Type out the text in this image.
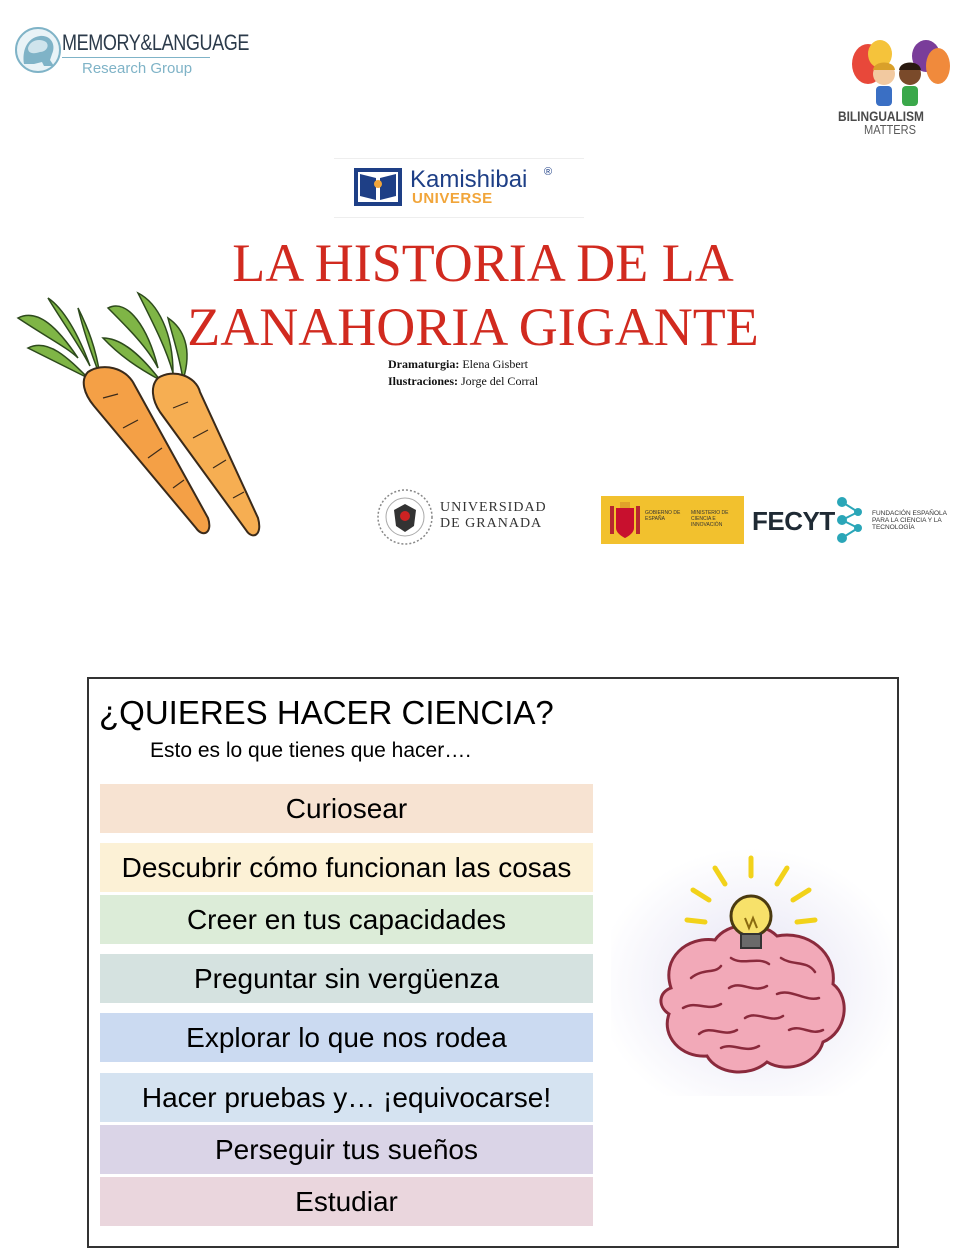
MEMORY&LANGUAGE
Research Group
BILINGUALISM
MATTERS
Kamishibai ®
UNIVERSE
LA HISTORIA DE LA
ZANAHORIA GIGANTE
Dramaturgia: Elena Gisbert
Ilustraciones: Jorge del Corral
UNIVERSIDAD
DE GRANADA
GOBIERNO DE ESPAÑA
MINISTERIO DE CIENCIA E INNOVACIÓN	FECYT	FUNDACIÓN ESPAÑOLA PARA LA CIENCIA Y LA TECNOLOGÍA
¿QUIERES HACER CIENCIA?
Esto es lo que tienes que hacer….
Curiosear
Descubrir cómo funcionan las cosas
Creer en tus capacidades
Preguntar sin vergüenza
Explorar lo que nos rodea
Hacer pruebas y… ¡equivocarse!
Perseguir tus sueños
Estudiar
